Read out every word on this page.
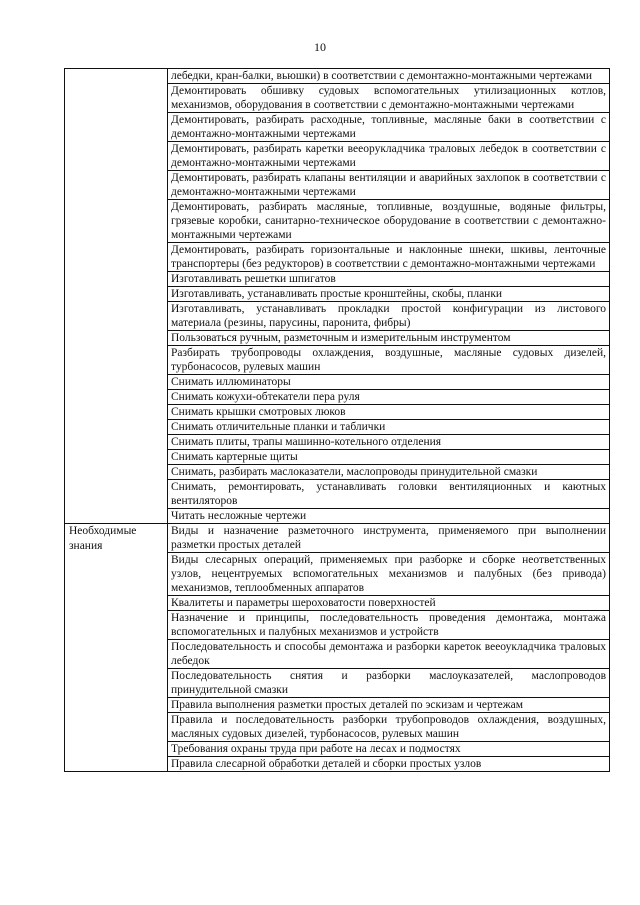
10
	лебедки, кран-балки, вьюшки) в соответствии с демонтажно-монтажными чертежами
	Демонтировать обшивку судовых вспомогательных утилизационных котлов, механизмов, оборудования в соответствии с демонтажно-монтажными чертежами
	Демонтировать, разбирать расходные, топливные, масляные баки в соответствии с демонтажно-монтажными чертежами
	Демонтировать, разбирать каретки вееорукладчика траловых лебедок в соответствии с демонтажно-монтажными чертежами
	Демонтировать, разбирать клапаны вентиляции и аварийных захлопок в соответствии с демонтажно-монтажными чертежами
	Демонтировать, разбирать масляные, топливные, воздушные, водяные фильтры, грязевые коробки, санитарно-техническое оборудование в соответствии с демонтажно-монтажными чертежами
	Демонтировать, разбирать горизонтальные и наклонные шнеки, шкивы, ленточные транспортеры (без редукторов) в соответствии с демонтажно-монтажными чертежами
	Изготавливать решетки шпигатов
	Изготавливать, устанавливать простые кронштейны, скобы, планки
	Изготавливать, устанавливать прокладки простой конфигурации из листового материала (резины, парусины, паронита, фибры)
	Пользоваться ручным, разметочным и измерительным инструментом
	Разбирать трубопроводы охлаждения, воздушные, масляные судовых дизелей, турбонасосов, рулевых машин
	Снимать иллюминаторы
	Снимать кожухи-обтекатели пера руля
	Снимать крышки смотровых люков
	Снимать отличительные планки и таблички
	Снимать плиты, трапы машинно-котельного отделения
	Снимать картерные щиты
	Снимать, разбирать маслоказатели, маслопроводы принудительной смазки
	Снимать, ремонтировать, устанавливать головки вентиляционных и каютных вентиляторов
	Читать несложные чертежи

Необходимые знания	Виды и назначение разметочного инструмента, применяемого при выполнении разметки простых деталей
	Виды слесарных операций, применяемых при разборке и сборке неответственных узлов, нецентруемых вспомогательных механизмов и палубных (без привода) механизмов, теплообменных аппаратов
	Квалитеты и параметры шероховатости поверхностей
	Назначение и принципы, последовательность проведения демонтажа, монтажа вспомогательных и палубных механизмов и устройств
	Последовательность и способы демонтажа и разборки кареток вееоукладчика траловых лебедок
	Последовательность снятия и разборки маслоуказателей, маслопроводов принудительной смазки
	Правила выполнения разметки простых деталей по эскизам и чертежам
	Правила и последовательность разборки трубопроводов охлаждения, воздушных, масляных судовых дизелей, турбонасосов, рулевых машин
	Требования охраны труда при работе на лесах и подмостях
	Правила слесарной обработки деталей и сборки простых узлов
